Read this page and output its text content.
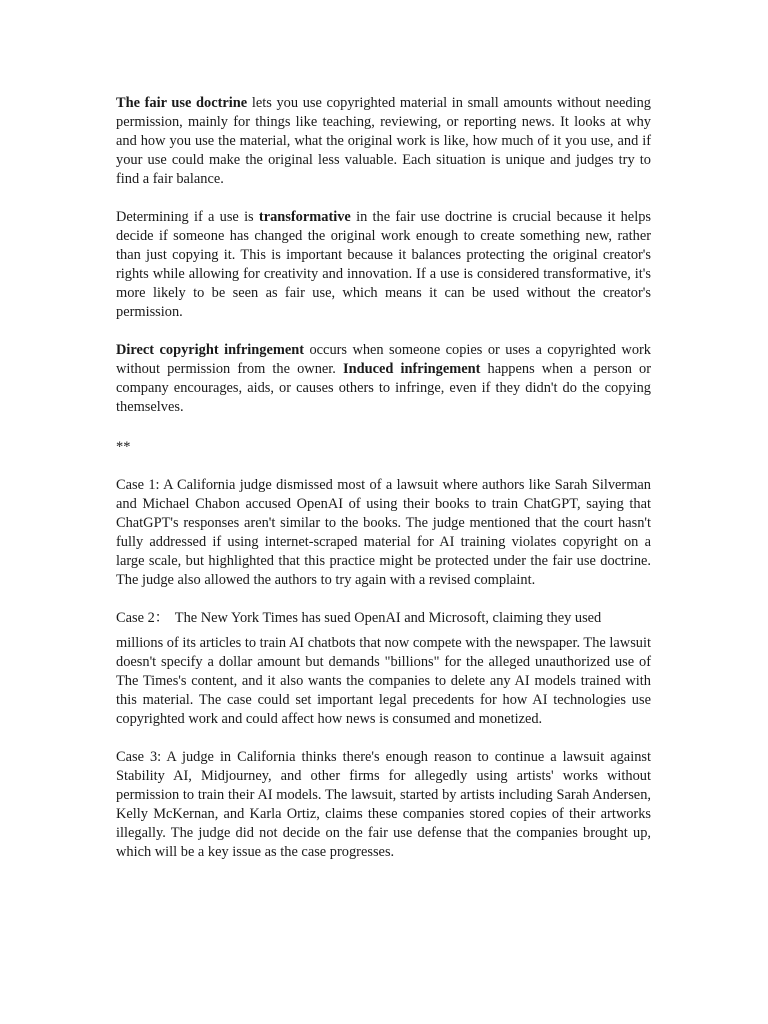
The fair use doctrine lets you use copyrighted material in small amounts without needing permission, mainly for things like teaching, reviewing, or reporting news. It looks at why and how you use the material, what the original work is like, how much of it you use, and if your use could make the original less valuable. Each situation is unique and judges try to find a fair balance.

Determining if a use is transformative in the fair use doctrine is crucial because it helps decide if someone has changed the original work enough to create something new, rather than just copying it. This is important because it balances protecting the original creator's rights while allowing for creativity and innovation. If a use is considered transformative, it's more likely to be seen as fair use, which means it can be used without the creator's permission.

Direct copyright infringement occurs when someone copies or uses a copyrighted work without permission from the owner. Induced infringement happens when a person or company encourages, aids, or causes others to infringe, even if they didn't do the copying themselves.

**

Case 1: A California judge dismissed most of a lawsuit where authors like Sarah Silverman and Michael Chabon accused OpenAI of using their books to train ChatGPT, saying that ChatGPT's responses aren't similar to the books. The judge mentioned that the court hasn't fully addressed if using internet-scraped material for AI training violates copyright on a large scale, but highlighted that this practice might be protected under the fair use doctrine. The judge also allowed the authors to try again with a revised complaint.

Case 2： The New York Times has sued OpenAI and Microsoft, claiming they used
millions of its articles to train AI chatbots that now compete with the newspaper. The lawsuit doesn't specify a dollar amount but demands "billions" for the alleged unauthorized use of The Times's content, and it also wants the companies to delete any AI models trained with this material. The case could set important legal precedents for how AI technologies use copyrighted work and could affect how news is consumed and monetized.

Case 3: A judge in California thinks there's enough reason to continue a lawsuit against Stability AI, Midjourney, and other firms for allegedly using artists' works without permission to train their AI models. The lawsuit, started by artists including Sarah Andersen, Kelly McKernan, and Karla Ortiz, claims these companies stored copies of their artworks illegally. The judge did not decide on the fair use defense that the companies brought up, which will be a key issue as the case progresses.
